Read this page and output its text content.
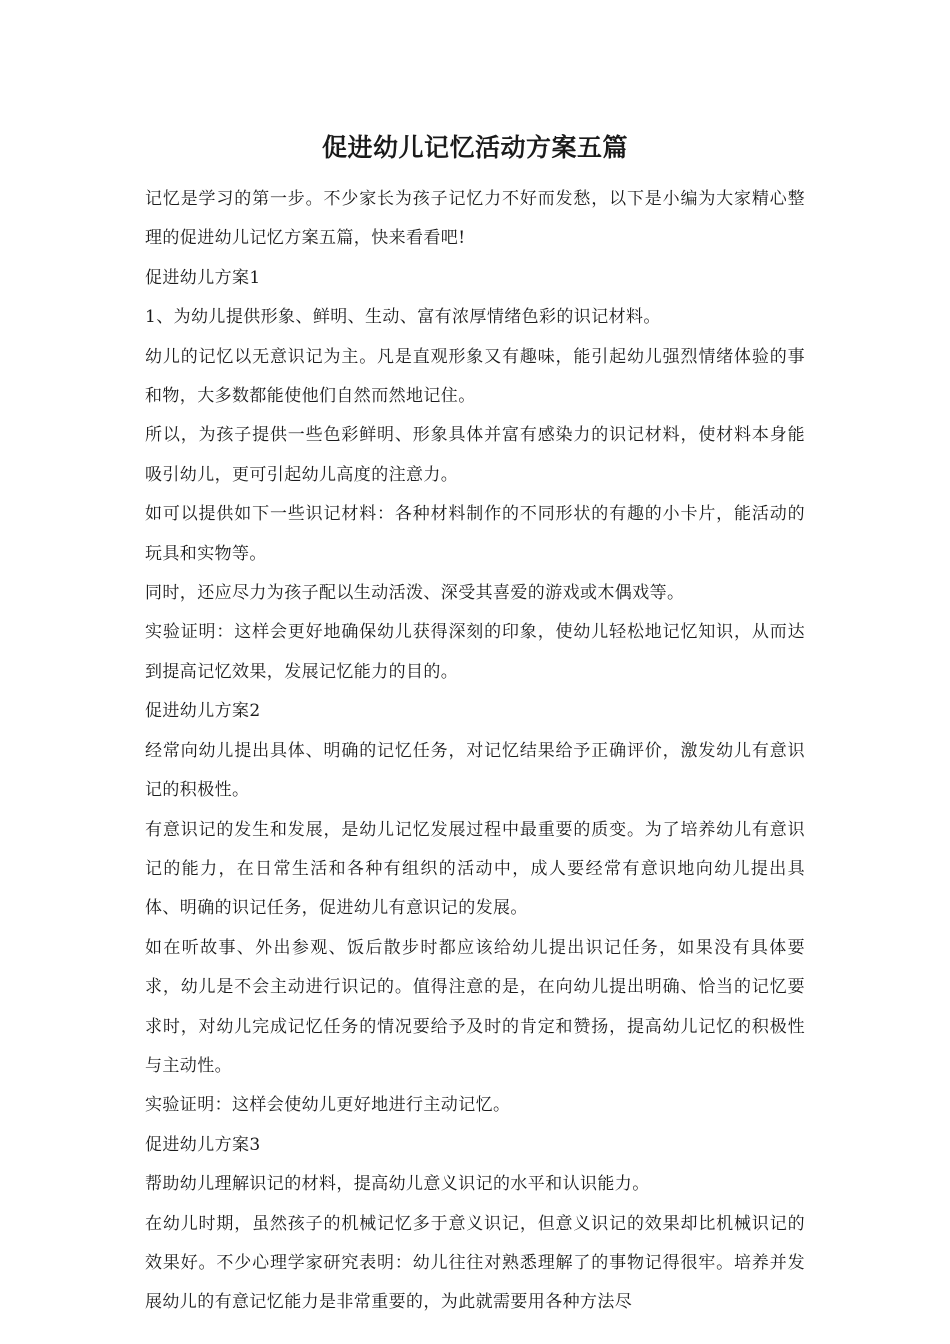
促进幼儿记忆活动方案五篇

记忆是学习的第一步。不少家长为孩子记忆力不好而发愁，以下是小编为大家精心整理的促进幼儿记忆方案五篇，快来看看吧!

促进幼儿方案1

1、为幼儿提供形象、鲜明、生动、富有浓厚情绪色彩的识记材料。

幼儿的记忆以无意识记为主。凡是直观形象又有趣味，能引起幼儿强烈情绪体验的事和物，大多数都能使他们自然而然地记住。

所以，为孩子提供一些色彩鲜明、形象具体并富有感染力的识记材料，使材料本身能吸引幼儿，更可引起幼儿高度的注意力。

如可以提供如下一些识记材料：各种材料制作的不同形状的有趣的小卡片，能活动的玩具和实物等。

同时，还应尽力为孩子配以生动活泼、深受其喜爱的游戏或木偶戏等。

实验证明：这样会更好地确保幼儿获得深刻的印象，使幼儿轻松地记忆知识，从而达到提高记忆效果，发展记忆能力的目的。

促进幼儿方案2

经常向幼儿提出具体、明确的记忆任务，对记忆结果给予正确评价，激发幼儿有意识记的积极性。

有意识记的发生和发展，是幼儿记忆发展过程中最重要的质变。为了培养幼儿有意识记的能力，在日常生活和各种有组织的活动中，成人要经常有意识地向幼儿提出具体、明确的识记任务，促进幼儿有意识记的发展。

如在听故事、外出参观、饭后散步时都应该给幼儿提出识记任务，如果没有具体要求，幼儿是不会主动进行识记的。值得注意的是，在向幼儿提出明确、恰当的记忆要求时，对幼儿完成记忆任务的情况要给予及时的肯定和赞扬，提高幼儿记忆的积极性与主动性。

实验证明：这样会使幼儿更好地进行主动记忆。

促进幼儿方案3

帮助幼儿理解识记的材料，提高幼儿意义识记的水平和认识能力。

在幼儿时期，虽然孩子的机械记忆多于意义识记，但意义识记的效果却比机械识记的效果好。不少心理学家研究表明：幼儿往往对熟悉理解了的事物记得很牢。培养并发展幼儿的有意记忆能力是非常重要的，为此就需要用各种方法尽
